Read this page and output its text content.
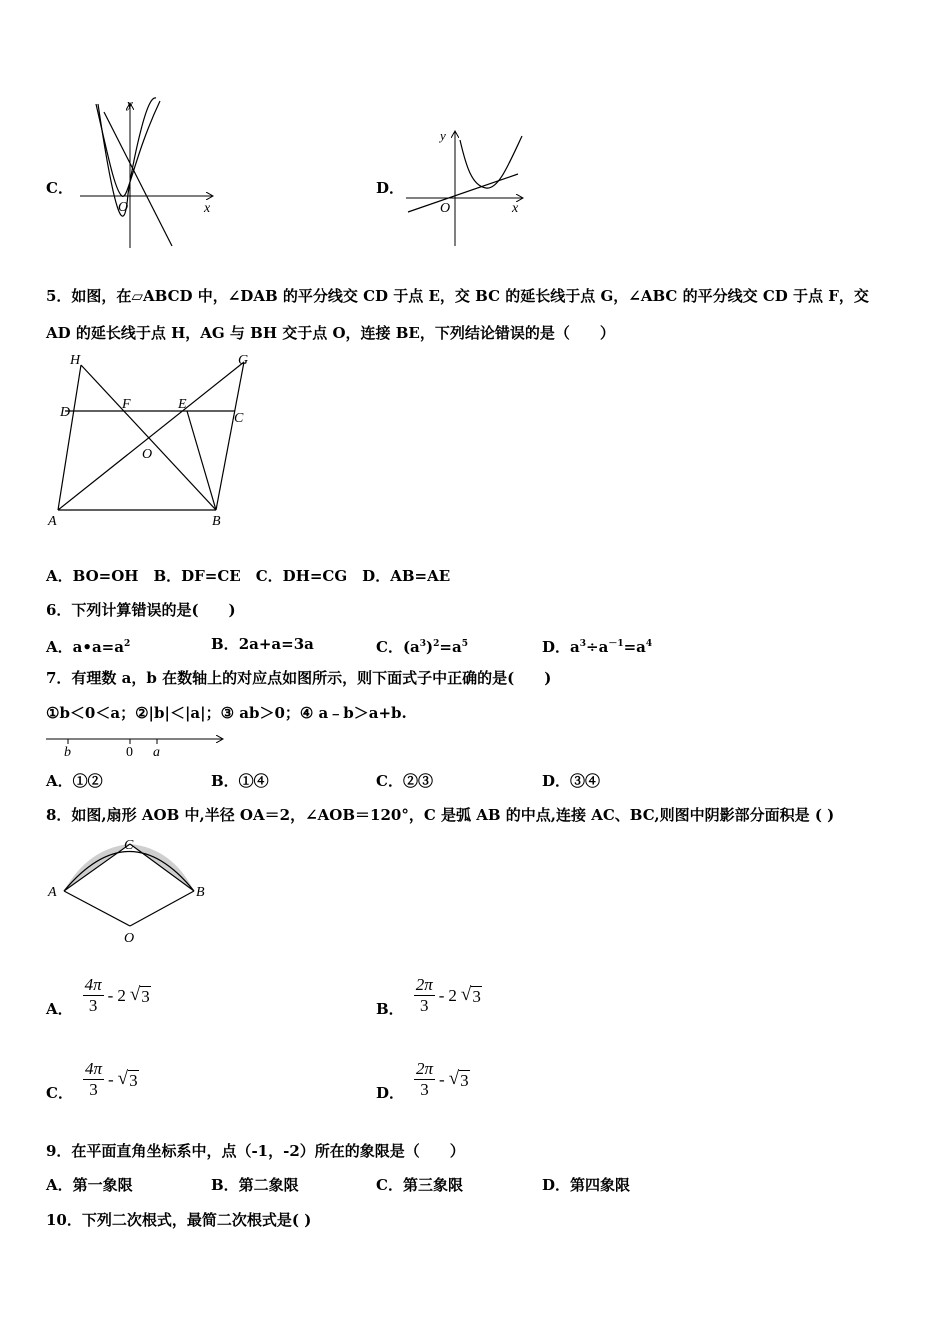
C．
O	x
y
D．
O	x
y
5．如图，在▱ABCD 中，∠DAB 的平分线交 CD 于点 E，交 BC 的延长线于点 G，∠ABC 的平分线交 CD 于点 F，交
AD 的延长线于点 H，AG 与 BH 交于点 O，连接 BE，下列结论错误的是（　　）
H	G
D
F	E
C
O
A	B
A．BO=OH　B．DF=CE　C．DH=CG　D．AB=AE
6．下列计算错误的是(　　)
A．$a•a=a^2$	B．2a+a=3a	C．$(a^3)^2=a^5$	D．$a^3\div a^{-1}=a^4$
7．有理数 a，b 在数轴上的对应点如图所示，则下面式子中正确的是(　　)
①b＜0＜a；②|b|＜|a|；③ ab＞0；④ a﹣b＞a+b.
b	0 a
A．①②	B．①④	C．②③	D．③④
8．如图,扇形 AOB 中,半径 OA＝2，∠AOB＝120°，C 是弧 AB 的中点,连接 AC、BC,则图中阴影部分面积是 ( )
A
C
B
O
A． $\frac{4\pi}{3} - 2$ √ 3
B． $\frac{2\pi}{3} - 2$ √ 3
C． $\frac{4\pi}{3}$ - √ 3
D． $\frac{2\pi}{3}$ - √ 3
9．在平面直角坐标系中，点（-1，-2）所在的象限是（　　）
A．第一象限	B．第二象限	C．第三象限	D．第四象限
10．下列二次根式，最简二次根式是( )
